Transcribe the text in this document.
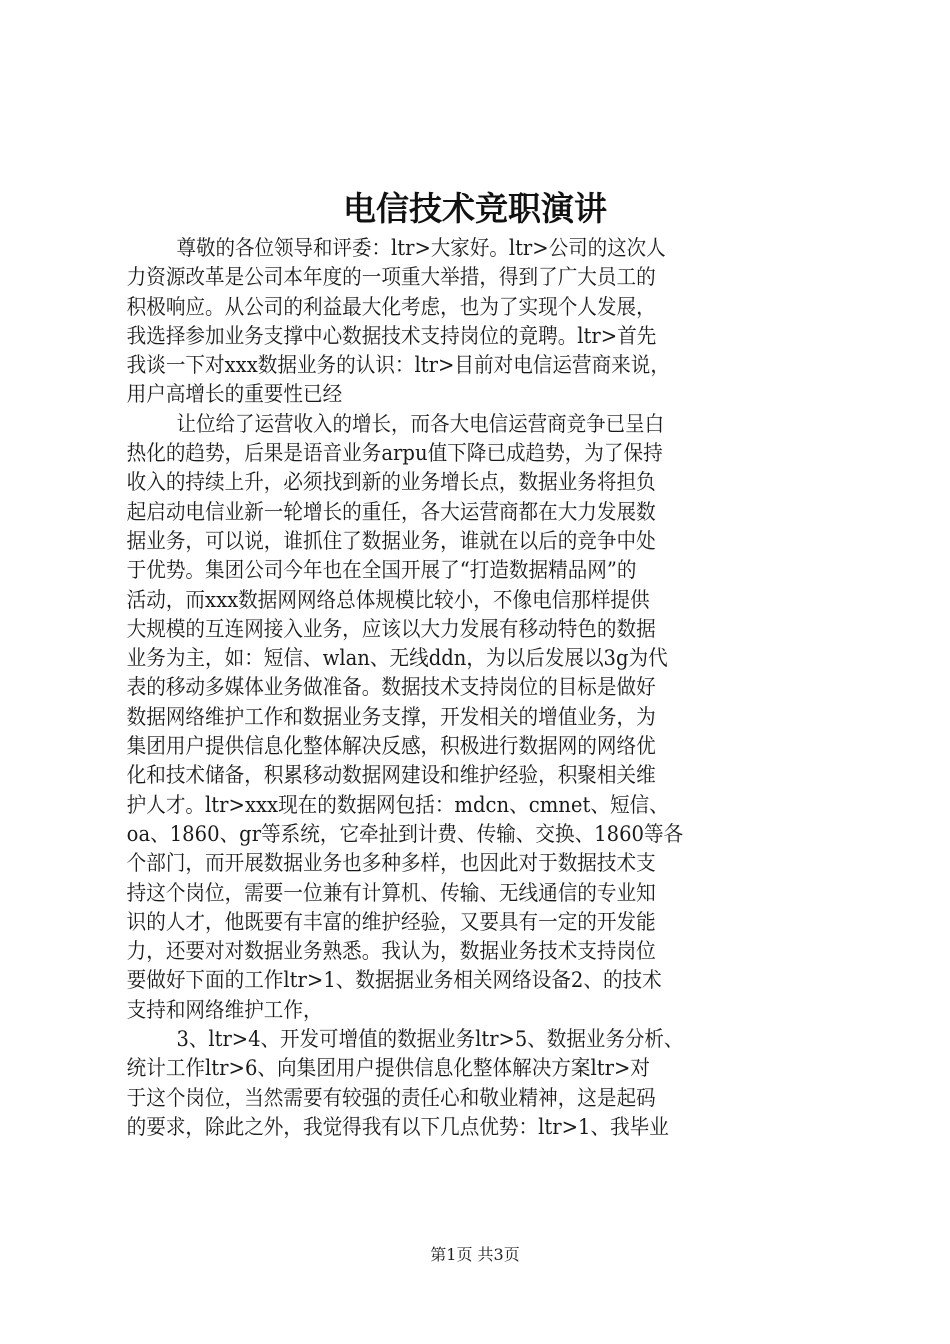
电信技术竞职演讲

尊敬的各位领导和评委：ltr>大家好。ltr>公司的这次人
力资源改革是公司本年度的一项重大举措，得到了广大员工的
积极响应。从公司的利益最大化考虑，也为了实现个人发展，
我选择参加业务支撑中心数据技术支持岗位的竟聘。ltr>首先
我谈一下对xxx数据业务的认识：ltr>目前对电信运营商来说，
用户高增长的重要性已经

让位给了运营收入的增长，而各大电信运营商竞争已呈白
热化的趋势，后果是语音业务arpu值下降已成趋势，为了保持
收入的持续上升，必须找到新的业务增长点，数据业务将担负
起启动电信业新一轮增长的重任，各大运营商都在大力发展数
据业务，可以说，谁抓住了数据业务，谁就在以后的竞争中处
于优势。集团公司今年也在全国开展了“打造数据精品网”的
活动，而xxx数据网网络总体规模比较小，不像电信那样提供
大规模的互连网接入业务，应该以大力发展有移动特色的数据
业务为主，如：短信、wlan、无线ddn，为以后发展以3g为代
表的移动多媒体业务做准备。数据技术支持岗位的目标是做好
数据网络维护工作和数据业务支撑，开发相关的增值业务，为
集团用户提供信息化整体解决反感，积极进行数据网的网络优
化和技术储备，积累移动数据网建设和维护经验，积聚相关维
护人才。ltr>xxx现在的数据网包括：mdcn、cmnet、短信、
oa、1860、gr等系统，它牵扯到计费、传输、交换、1860等各
个部门，而开展数据业务也多种多样，也因此对于数据技术支
持这个岗位，需要一位兼有计算机、传输、无线通信的专业知
识的人才，他既要有丰富的维护经验，又要具有一定的开发能
力，还要对对数据业务熟悉。我认为，数据业务技术支持岗位
要做好下面的工作ltr>1、数据据业务相关网络设备2、的技术
支持和网络维护工作，

3、ltr>4、开发可增值的数据业务ltr>5、数据业务分析、
统计工作ltr>6、向集团用户提供信息化整体解决方案ltr>对
于这个岗位，当然需要有较强的责任心和敬业精神，这是起码
的要求，除此之外，我觉得我有以下几点优势：ltr>1、我毕业

第1页 共3页
